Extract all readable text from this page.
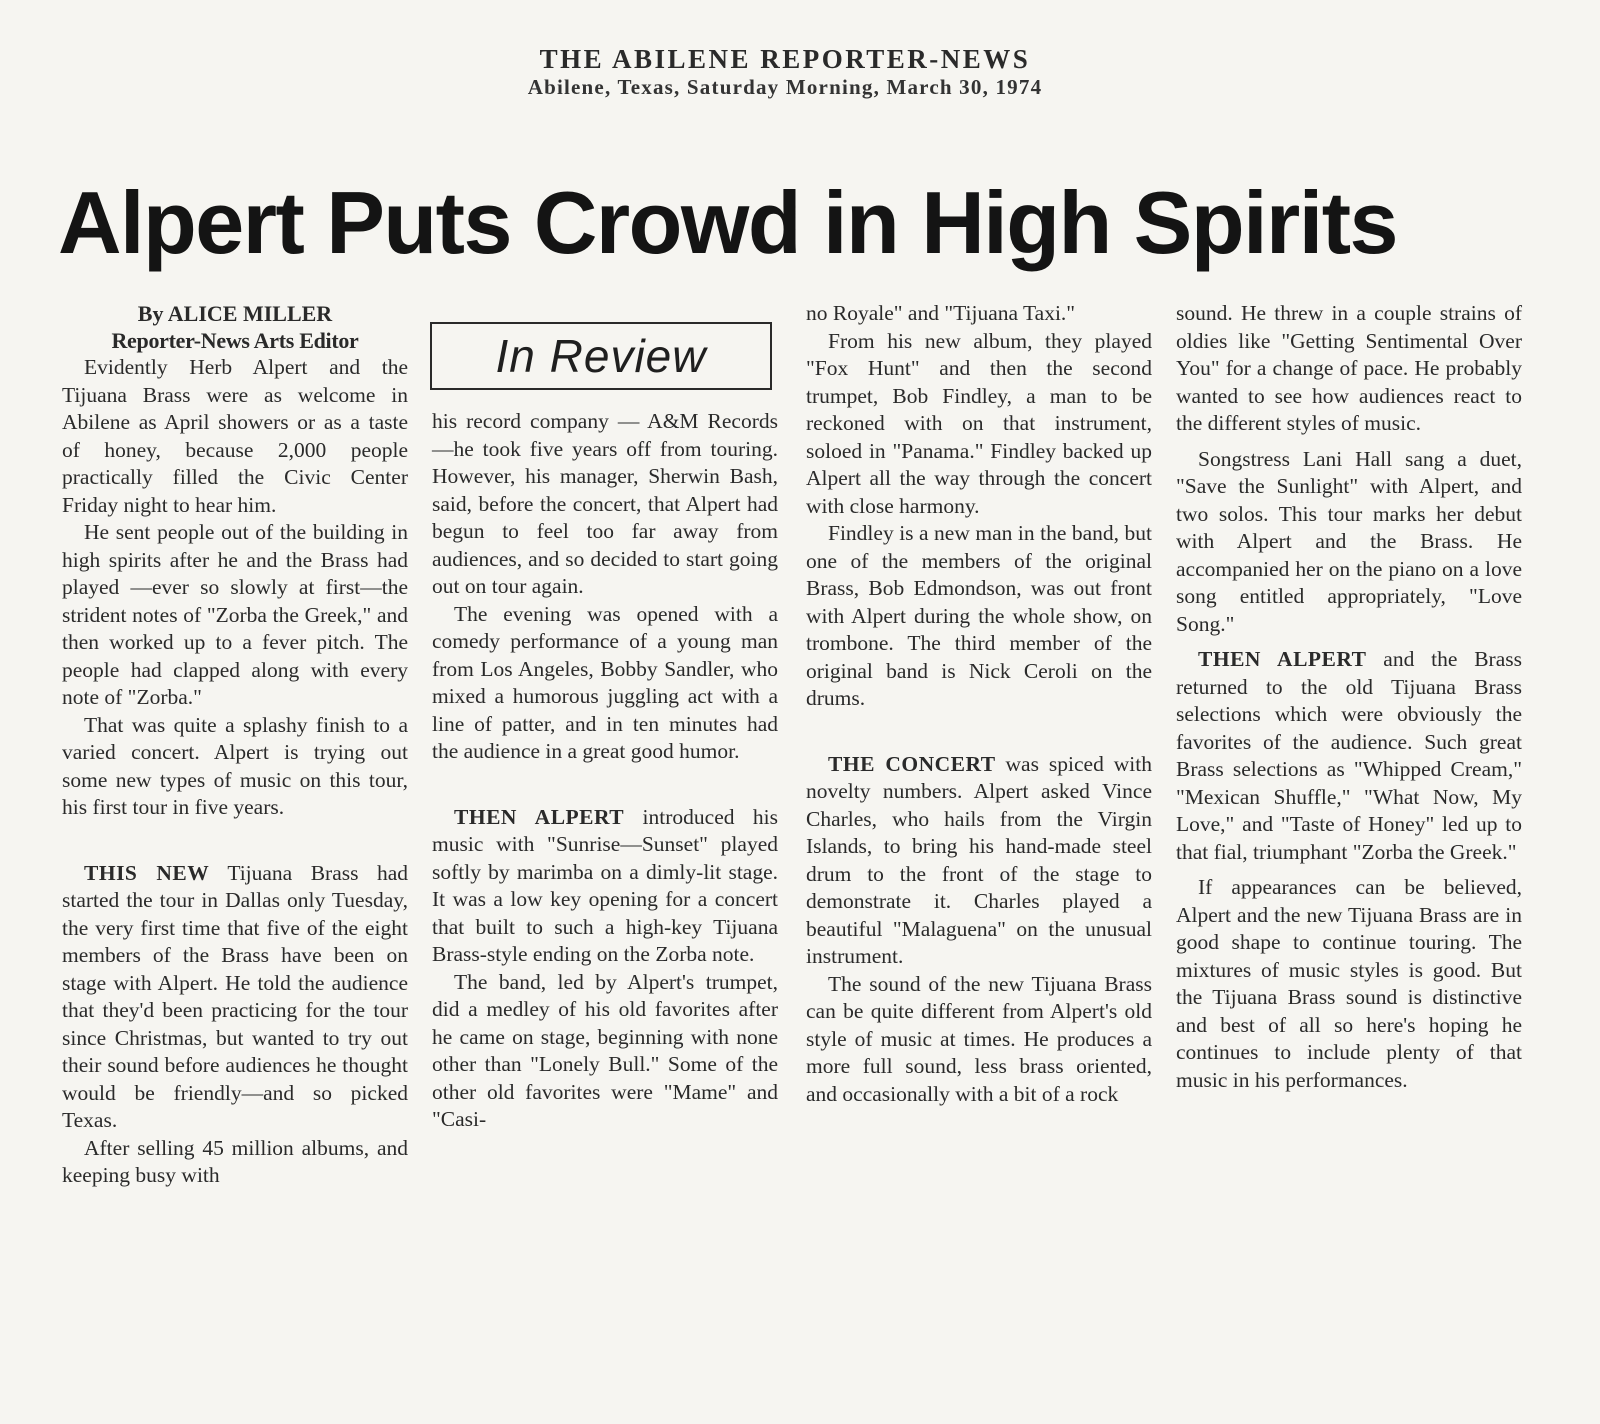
THE ABILENE REPORTER-NEWS
Abilene, Texas, Saturday Morning, March 30, 1974
Alpert Puts Crowd in High Spirits
By ALICE MILLER
Reporter-News Arts Editor

Evidently Herb Alpert and the Tijuana Brass were as welcome in Abilene as April showers or as a taste of honey, because 2,000 people practically filled the Civic Center Friday night to hear him.

He sent people out of the building in high spirits after he and the Brass had played —ever so slowly at first—the strident notes of "Zorba the Greek," and then worked up to a fever pitch. The people had clapped along with every note of "Zorba."

That was quite a splashy finish to a varied concert. Alpert is trying out some new types of music on this tour, his first tour in five years.

THIS NEW Tijuana Brass had started the tour in Dallas only Tuesday, the very first time that five of the eight members of the Brass have been on stage with Alpert. He told the audience that they'd been practicing for the tour since Christmas, but wanted to try out their sound before audiences he thought would be friendly—and so picked Texas.

After selling 45 million albums, and keeping busy with

In Review

his record company — A&M Records—he took five years off from touring. However, his manager, Sherwin Bash, said, before the concert, that Alpert had begun to feel too far away from audiences, and so decided to start going out on tour again.

The evening was opened with a comedy performance of a young man from Los Angeles, Bobby Sandler, who mixed a humorous juggling act with a line of patter, and in ten minutes had the audience in a great good humor.

THEN ALPERT introduced his music with "Sunrise—Sunset" played softly by marimba on a dimly-lit stage. It was a low key opening for a concert that built to such a high-key Tijuana Brass-style ending on the Zorba note.

The band, led by Alpert's trumpet, did a medley of his old favorites after he came on stage, beginning with none other than "Lonely Bull." Some of the other old favorites were "Mame" and "Casi-

no Royale" and "Tijuana Taxi."

From his new album, they played "Fox Hunt" and then the second trumpet, Bob Findley, a man to be reckoned with on that instrument, soloed in "Panama." Findley backed up Alpert all the way through the concert with close harmony.

Findley is a new man in the band, but one of the members of the original Brass, Bob Edmondson, was out front with Alpert during the whole show, on trombone. The third member of the original band is Nick Ceroli on the drums.

THE CONCERT was spiced with novelty numbers. Alpert asked Vince Charles, who hails from the Virgin Islands, to bring his hand-made steel drum to the front of the stage to demonstrate it. Charles played a beautiful "Malaguena" on the unusual instrument.

The sound of the new Tijuana Brass can be quite different from Alpert's old style of music at times. He produces a more full sound, less brass oriented, and occasionally with a bit of a rock

sound. He threw in a couple strains of oldies like "Getting Sentimental Over You" for a change of pace. He probably wanted to see how audiences react to the different styles of music.

Songstress Lani Hall sang a duet, "Save the Sunlight" with Alpert, and two solos. This tour marks her debut with Alpert and the Brass. He accompanied her on the piano on a love song entitled appropriately, "Love Song."

THEN ALPERT and the Brass returned to the old Tijuana Brass selections which were obviously the favorites of the audience. Such great Brass selections as "Whipped Cream," "Mexican Shuffle," "What Now, My Love," and "Taste of Honey" led up to that fial, triumphant "Zorba the Greek."

If appearances can be believed, Alpert and the new Tijuana Brass are in good shape to continue touring. The mixtures of music styles is good. But the Tijuana Brass sound is distinctive and best of all so here's hoping he continues to include plenty of that music in his performances.
